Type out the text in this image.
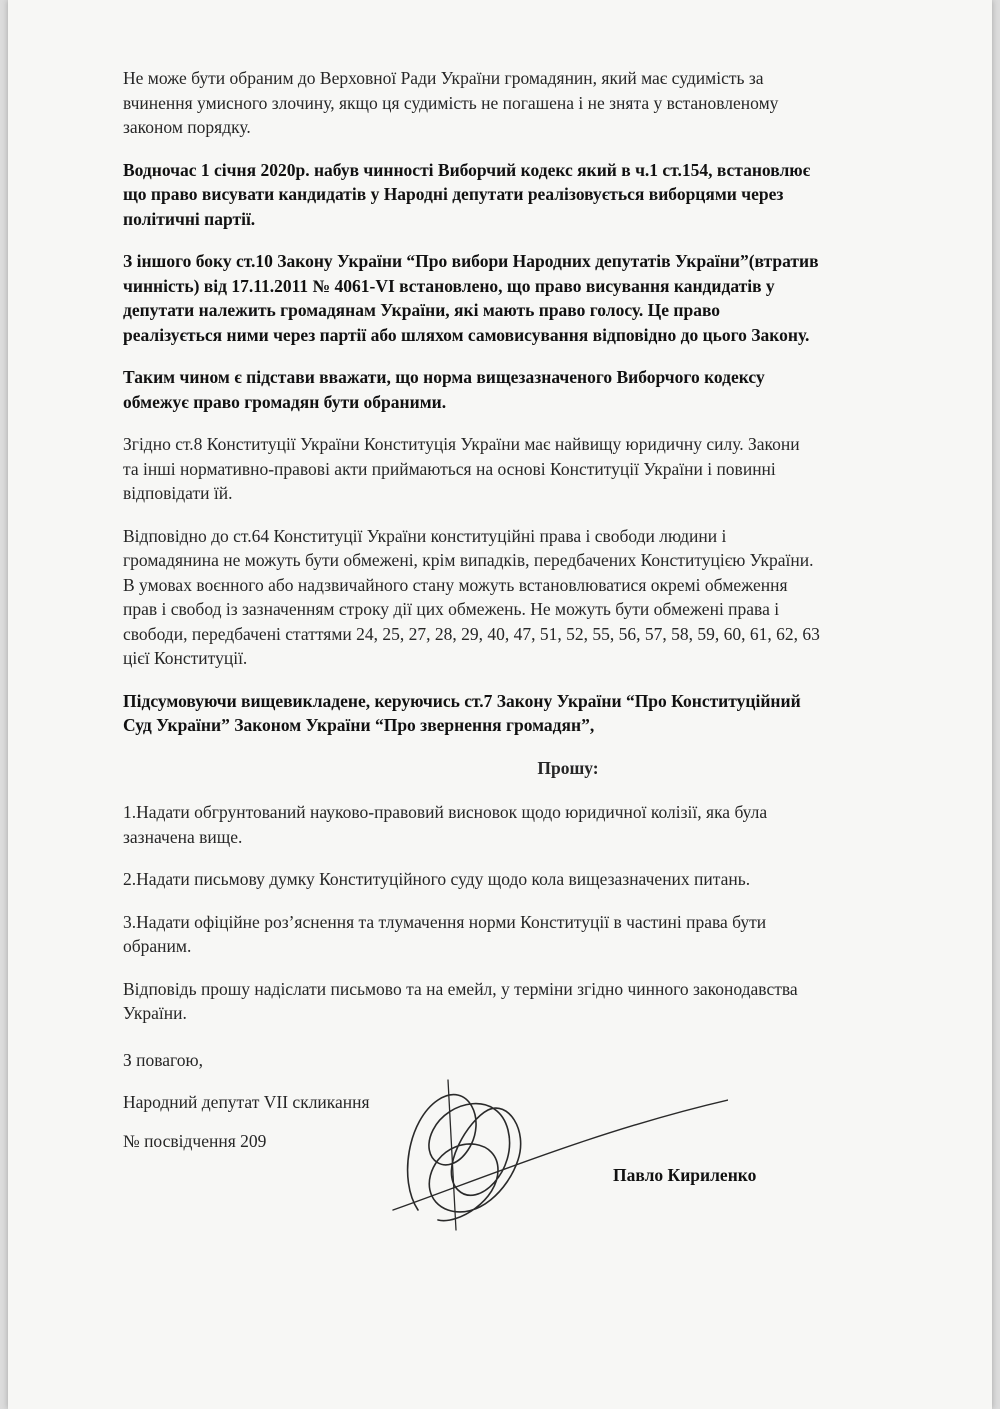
Не може бути обраним до Верховної Ради України громадянин, який має судимість за
вчинення умисного злочину, якщо ця судимість не погашена і не знята у встановленому
законом порядку.

Водночас 1 січня 2020р. набув чинності Виборчий кодекс який в ч.1 ст.154, встановлює
що право висувати кандидатів у Народні депутати реалізовується виборцями через
політичні партії.

З іншого боку ст.10 Закону України “Про вибори Народних депутатів України”(втратив
чинність) від 17.11.2011 № 4061-VI встановлено, що право висування кандидатів у
депутати належить громадянам України, які мають право голосу. Це право
реалізується ними через партії або шляхом самовисування відповідно до цього Закону.

Таким чином є підстави вважати, що норма вищезазначеного Виборчого кодексу
обмежує право громадян бути обраними.

Згідно ст.8 Конституції України Конституція України має найвищу юридичну силу. Закони
та інші нормативно-правові акти приймаються на основі Конституції України і повинні
відповідати їй.

Відповідно до ст.64 Конституції України конституційні права і свободи людини і
громадянина не можуть бути обмежені, крім випадків, передбачених Конституцією України.
В умовах воєнного або надзвичайного стану можуть встановлюватися окремі обмеження
прав і свобод із зазначенням строку дії цих обмежень. Не можуть бути обмежені права і
свободи, передбачені статтями 24, 25, 27, 28, 29, 40, 47, 51, 52, 55, 56, 57, 58, 59, 60, 61, 62, 63
цієї Конституції.

Підсумовуючи вищевикладене, керуючись ст.7 Закону України “Про Конституційний
Суд України” Законом України “Про звернення громадян”,

Прошу:

1.Надати обгрунтований науково-правовий висновок щодо юридичної колізії, яка була
зазначена вище.

2.Надати письмову думку Конституційного суду щодо кола вищезазначених питань.

3.Надати офіційне роз’яснення та тлумачення норми Конституції в частині права бути
обраним.

Відповідь прошу надіслати письмово та на емейл, у терміни згідно чинного законодавства
України.

З повагою,
Народний депутат VII скликання
№ посвідчення 209
Павло Кириленко
